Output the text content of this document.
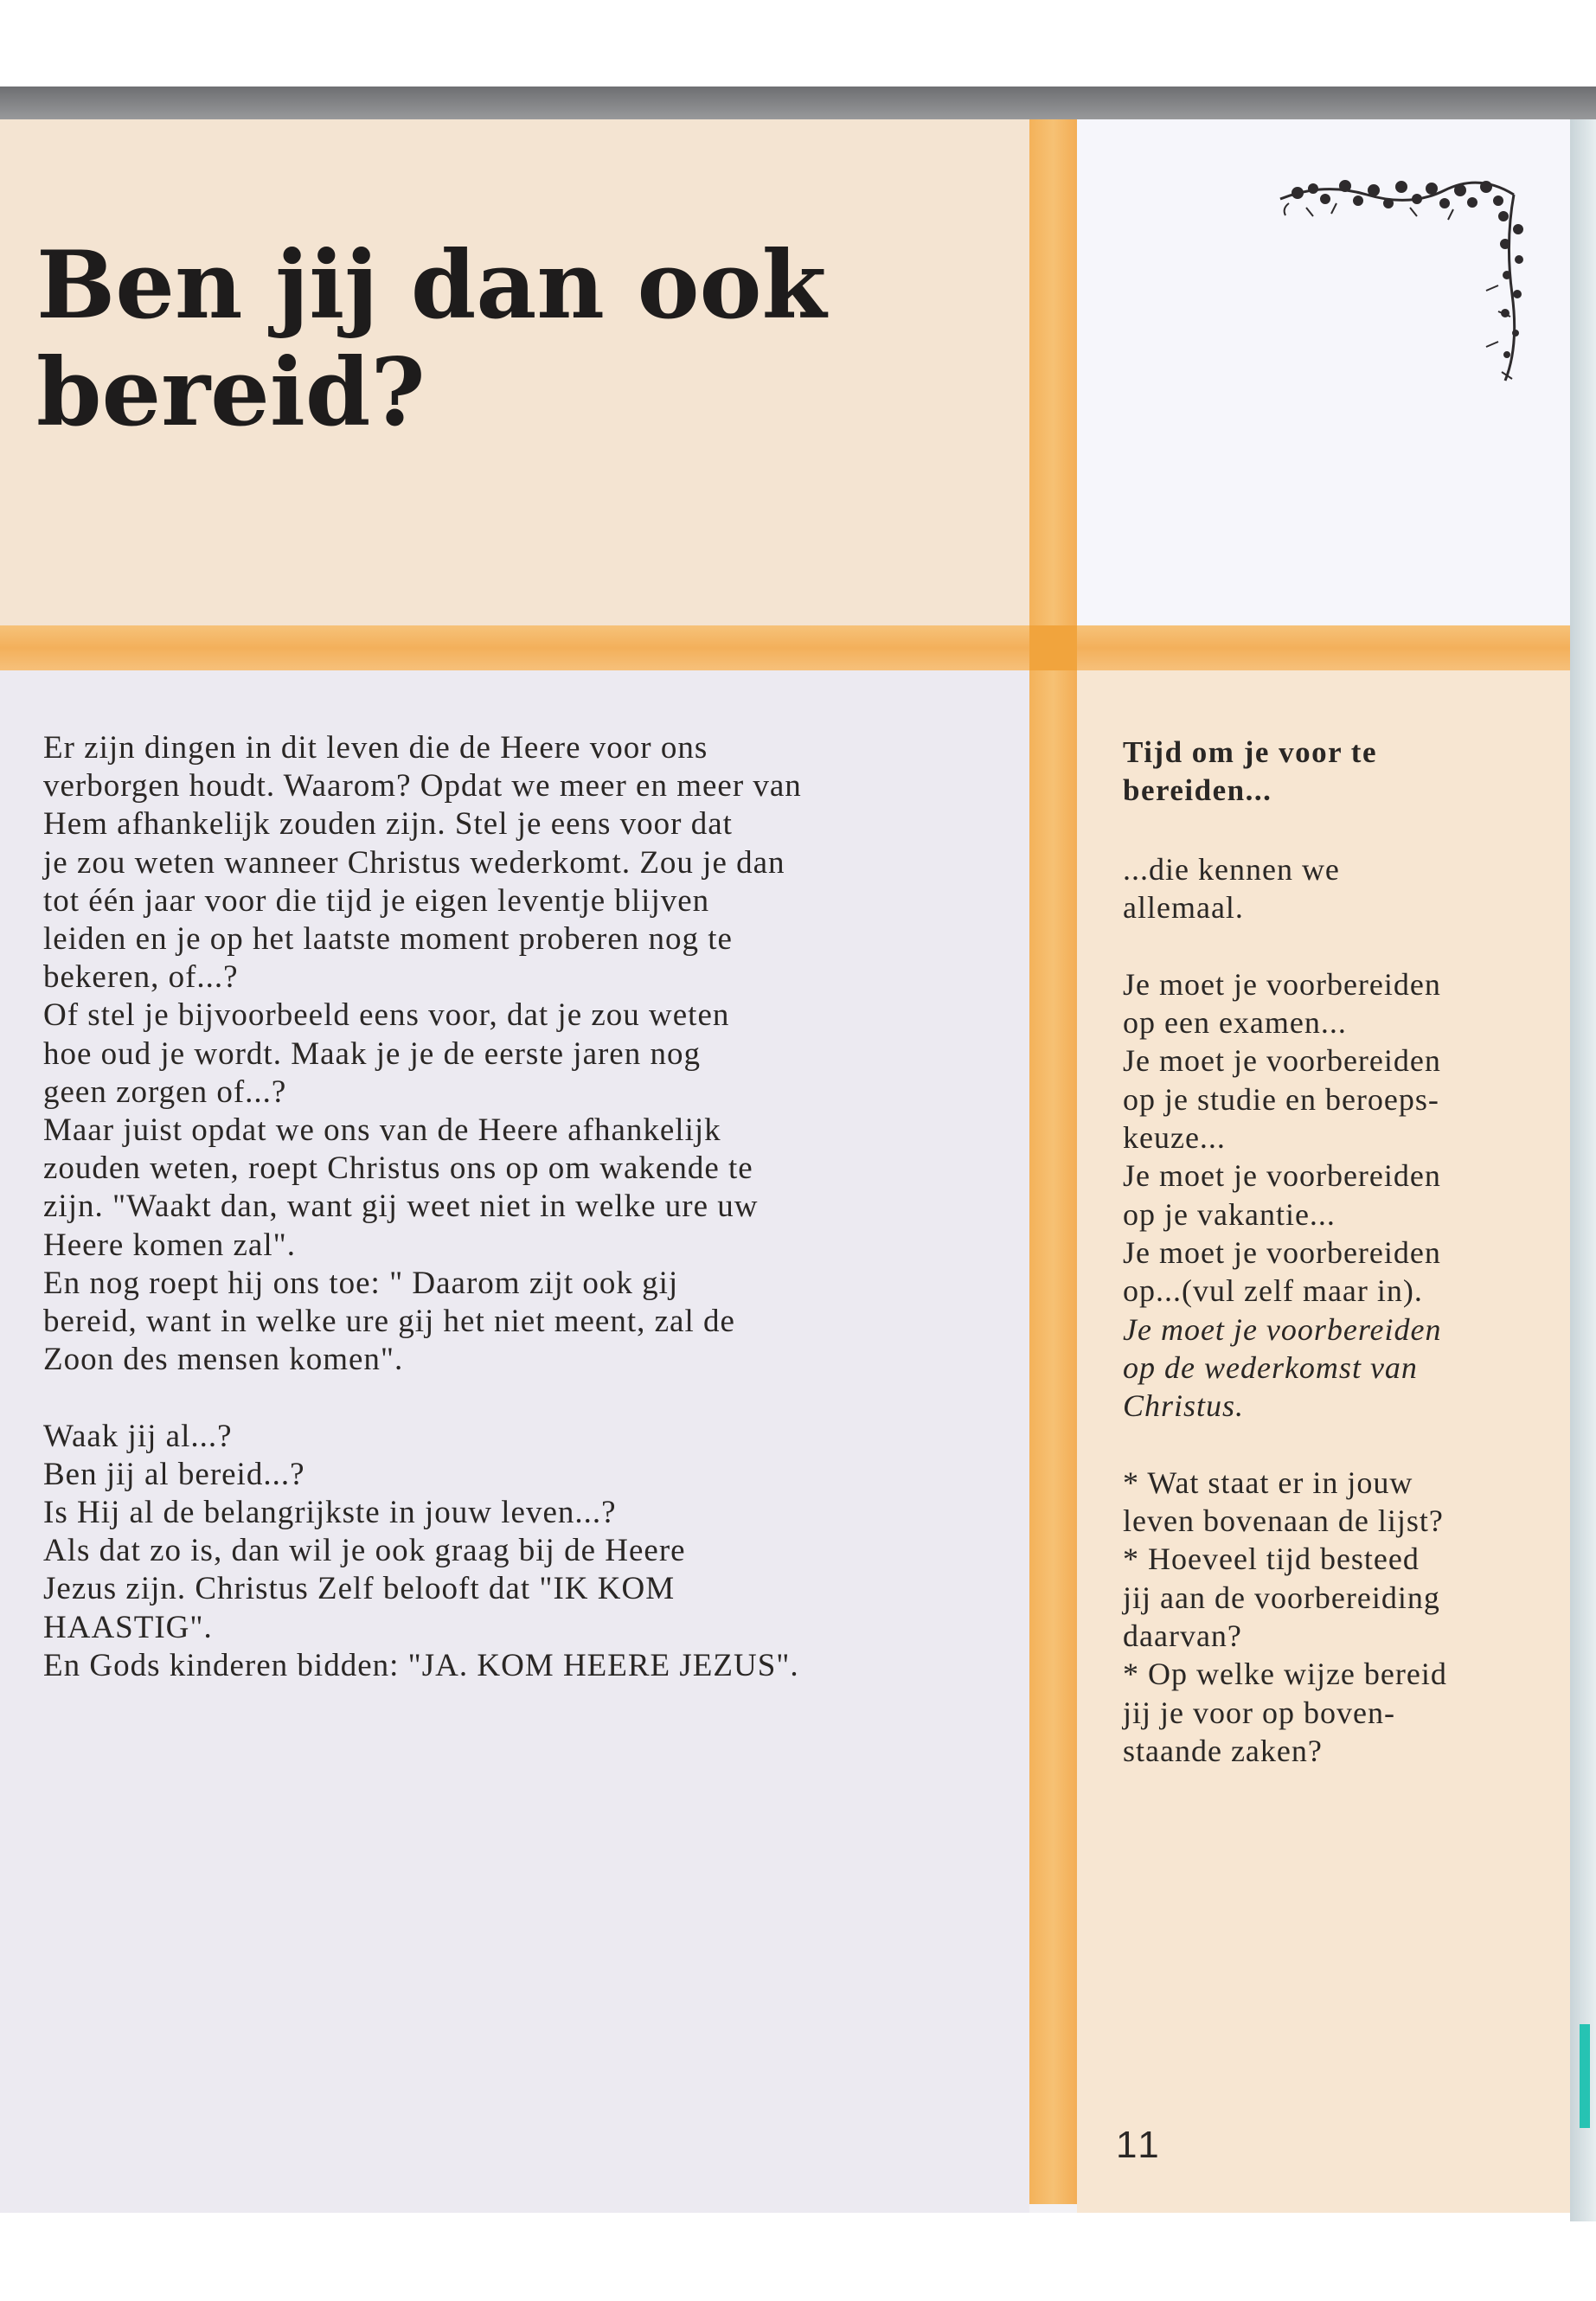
Ben jij dan ook
bereid?

Er zijn dingen in dit leven die de Heere voor ons
verborgen houdt. Waarom? Opdat we meer en meer van
Hem afhankelijk zouden zijn. Stel je eens voor dat
je zou weten wanneer Christus wederkomt. Zou je dan
tot één jaar voor die tijd je eigen leventje blijven
leiden en je op het laatste moment proberen nog te
bekeren, of...?
Of stel je bijvoorbeeld eens voor, dat je zou weten
hoe oud je wordt. Maak je je de eerste jaren nog
geen zorgen of...?
Maar juist opdat we ons van de Heere afhankelijk
zouden weten, roept Christus ons op om wakende te
zijn. "Waakt dan, want gij weet niet in welke ure uw
Heere komen zal".
En nog roept hij ons toe: " Daarom zijt ook gij
bereid, want in welke ure gij het niet meent, zal de
Zoon des mensen komen".

Waak jij al...?
Ben jij al bereid...?
Is Hij al de belangrijkste in jouw leven...?
Als dat zo is, dan wil je ook graag bij de Heere
Jezus zijn. Christus Zelf belooft dat "IK KOM
HAASTIG".
En Gods kinderen bidden: "JA. KOM HEERE JEZUS".

Tijd om je voor te
bereiden...

...die kennen we
allemaal.

Je moet je voorbereiden
op een examen...
Je moet je voorbereiden
op je studie en beroeps-
keuze...
Je moet je voorbereiden
op je vakantie...
Je moet je voorbereiden
op...(vul zelf maar in).
Je moet je voorbereiden
op de wederkomst van
Christus.

* Wat staat er in jouw
leven bovenaan de lijst?
* Hoeveel tijd besteed
jij aan de voorbereiding
daarvan?
* Op welke wijze bereid
jij je voor op boven-
staande zaken?

11
